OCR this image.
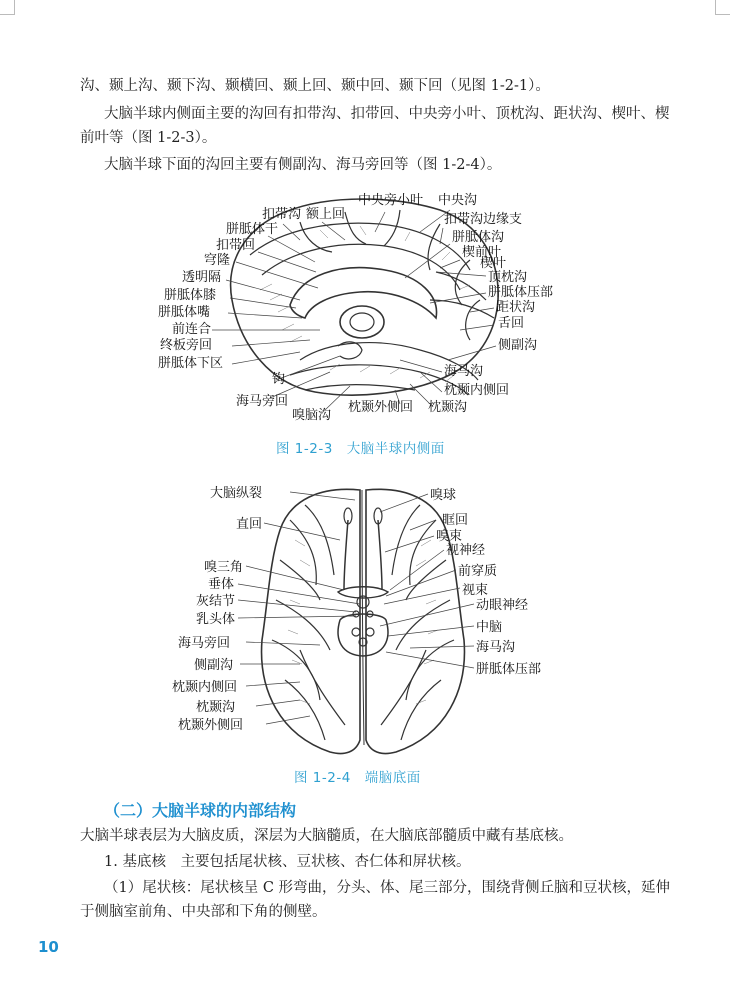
沟、颞上沟、颞下沟、颞横回、颞上回、颞中回、颞下回（见图 1-2-1）。
大脑半球内侧面主要的沟回有扣带沟、扣带回、中央旁小叶、顶枕沟、距状沟、楔叶、楔
前叶等（图 1-2-3）。
大脑半球下面的沟回主要有侧副沟、海马旁回等（图 1-2-4）。
扣带沟 额上回
中央旁小叶 中央沟
胼胝体干
扣带沟边缘支
扣带回
胼胝体沟
穹隆
楔前叶
透明隔
楔叶
顶枕沟
胼胝体膝	胼胝体压部
胼胝体嘴	距状沟
前连合	舌回
终板旁回	侧副沟
胼胝体下区
海马沟
钩
枕颞内侧回
海马旁回
嗅脑沟
枕颞外侧回 枕颞沟
图 1-2-3　大脑半球内侧面
大脑纵裂	嗅球
眶回
直回
嗅束
视神经
嗅三角	前穿质
垂体	视束
灰结节	动眼神经
乳头体
中脑
海马旁回	海马沟
侧副沟	胼胝体压部
枕颞内侧回
枕颞沟
枕颞外侧回
图 1-2-4　端脑底面
（二）大脑半球的内部结构
大脑半球表层为大脑皮质，深层为大脑髓质，在大脑底部髓质中藏有基底核。
1. 基底核　主要包括尾状核、豆状核、杏仁体和屏状核。
（1）尾状核：尾状核呈 C 形弯曲，分头、体、尾三部分，围绕背侧丘脑和豆状核，延伸
于侧脑室前角、中央部和下角的侧壁。
10
